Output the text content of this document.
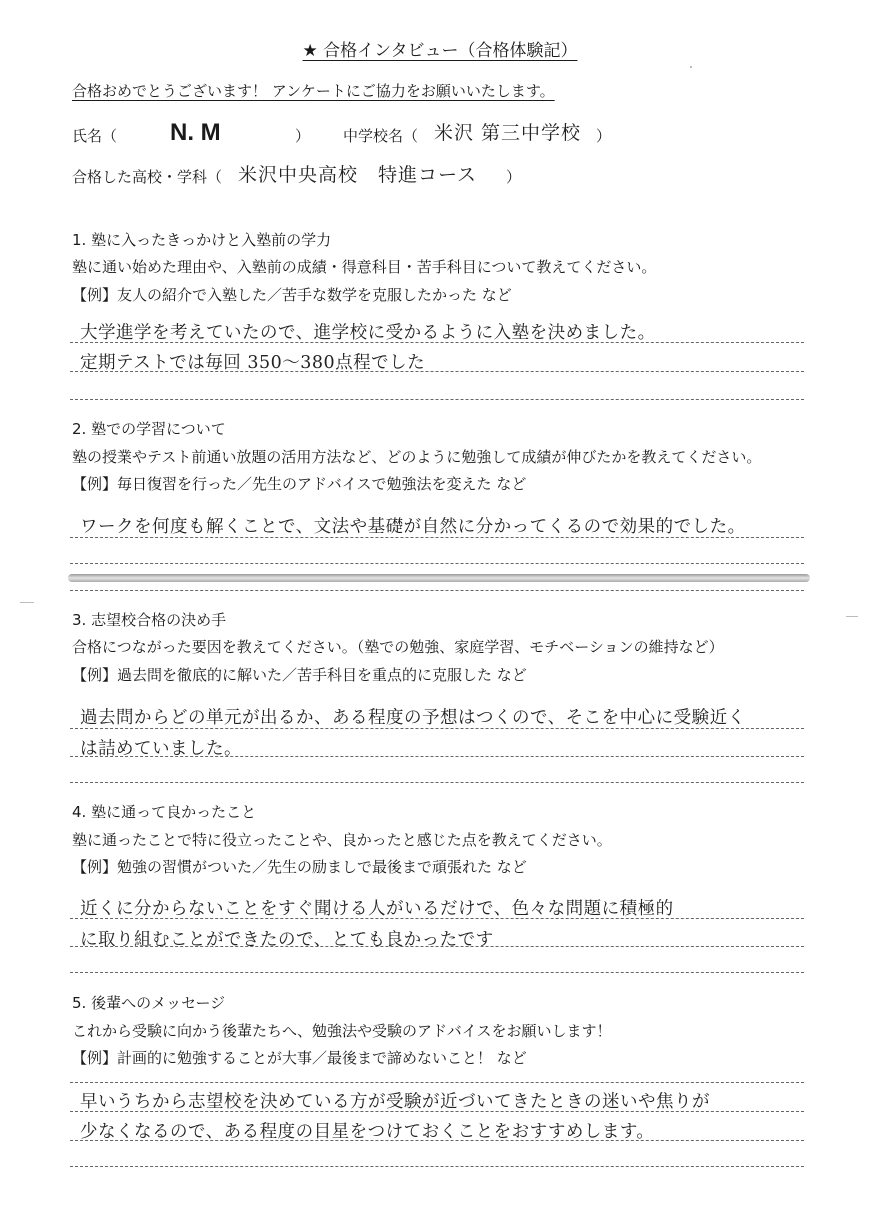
★ 合格インタビュー（合格体験記）
合格おめでとうございます！ アンケートにご協力をお願いいたします。
氏名（ N. M	） 中学校名（ 米沢 第三中学校 ）
合格した高校・学科（ 米沢中央高校　特進コース ）
1. 塾に入ったきっかけと入塾前の学力
塾に通い始めた理由や、入塾前の成績・得意科目・苦手科目について教えてください。
【例】友人の紹介で入塾した／苦手な数学を克服したかった など
大学進学を考えていたので、進学校に受かるように入塾を決めました。
定期テストでは毎回 350〜380点程でした
2. 塾での学習について
塾の授業やテスト前通い放題の活用方法など、どのように勉強して成績が伸びたかを教えてください。
【例】毎日復習を行った／先生のアドバイスで勉強法を変えた など
ワークを何度も解くことで、文法や基礎が自然に分かってくるので効果的でした。
3. 志望校合格の決め手
合格につながった要因を教えてください。（塾での勉強、家庭学習、モチベーションの維持など）
【例】過去問を徹底的に解いた／苦手科目を重点的に克服した など
過去問からどの単元が出るか、ある程度の予想はつくので、そこを中心に受験近く
は詰めていました。
4. 塾に通って良かったこと
塾に通ったことで特に役立ったことや、良かったと感じた点を教えてください。
【例】勉強の習慣がついた／先生の励ましで最後まで頑張れた など
近くに分からないことをすぐ聞ける人がいるだけで、色々な問題に積極的
に取り組むことができたので、とても良かったです
5. 後輩へのメッセージ
これから受験に向かう後輩たちへ、勉強法や受験のアドバイスをお願いします！
【例】計画的に勉強することが大事／最後まで諦めないこと！ など
早いうちから志望校を決めている方が受験が近づいてきたときの迷いや焦りが
少なくなるので、ある程度の目星をつけておくことをおすすめします。
